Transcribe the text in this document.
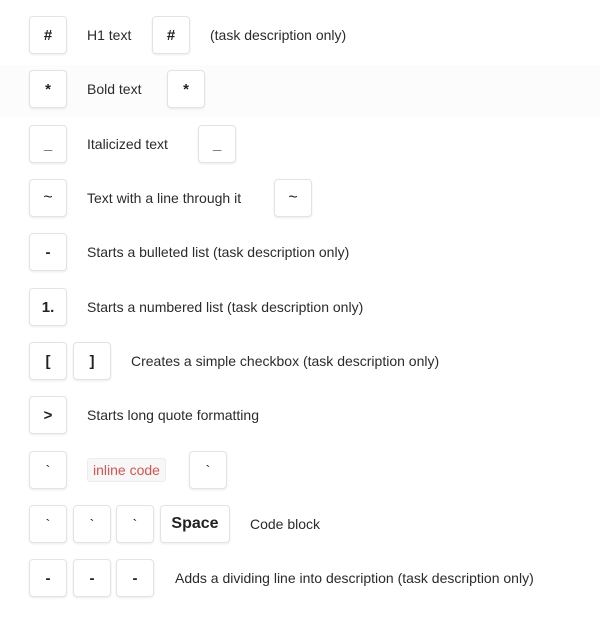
#	H1 text	#	(task description only)
*	Bold text	*
_	Italicized text	_
~	Text with a line through it	~
-	Starts a bulleted list (task description only)
1.	Starts a numbered list (task description only)
[	]	Creates a simple checkbox (task description only)
>	Starts long quote formatting
`	inline code	`
`	`	`	Space	Code block
-	-	-	Adds a dividing line into description (task description only)
